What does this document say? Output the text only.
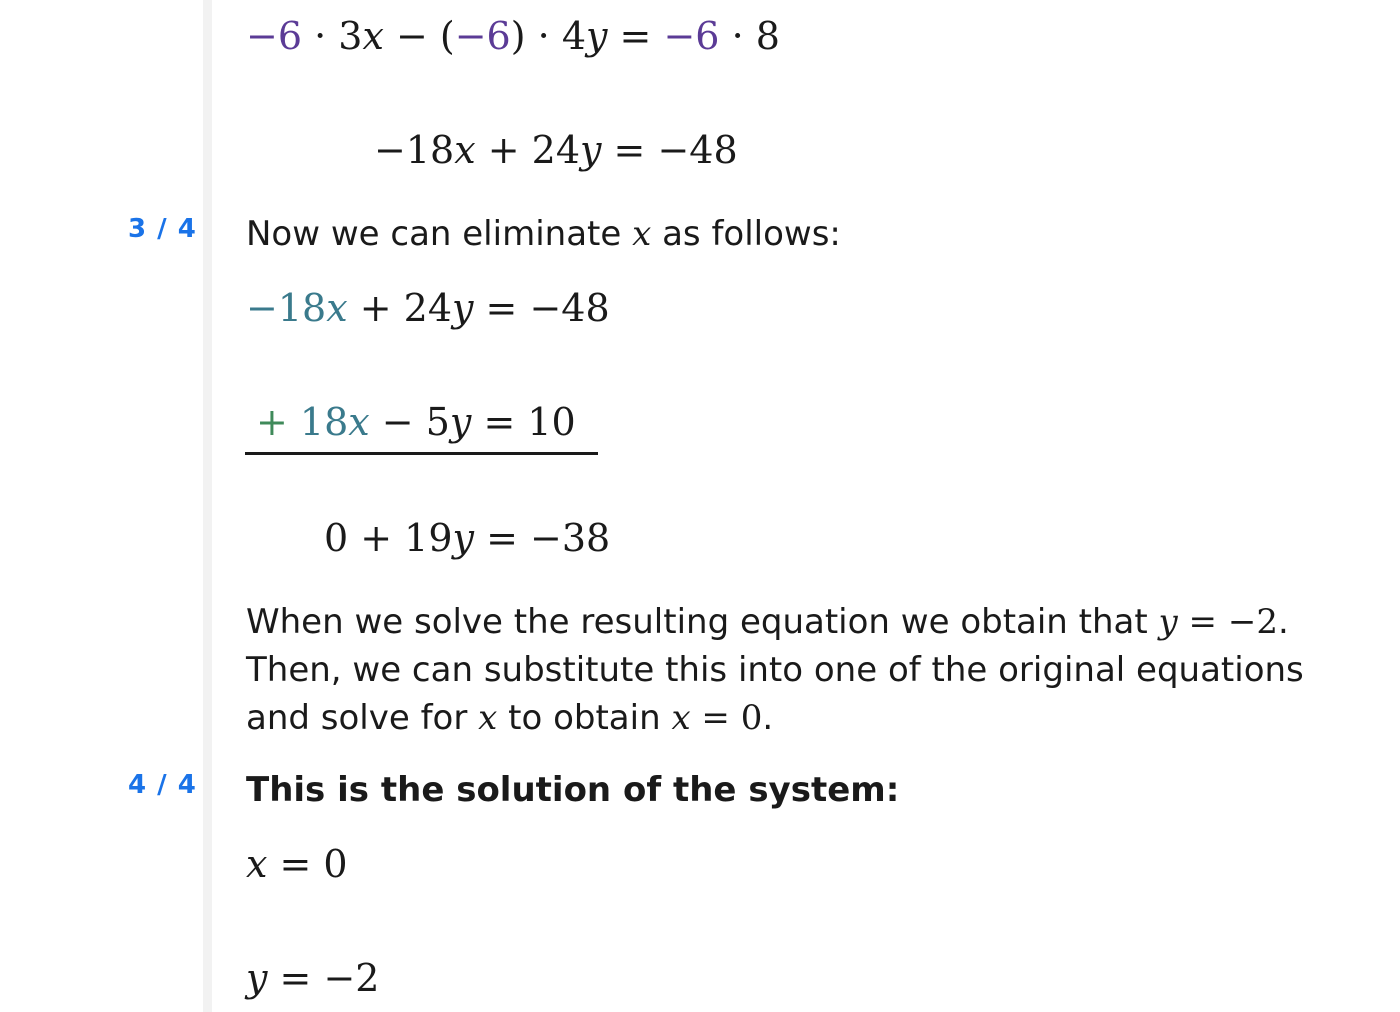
−6 · 3x − (−6) · 4y = −6 · 8
−18x + 24y = −48
3 / 4 Now we can eliminate x as follows:
−18x + 24y = −48
+ 18x − 5y = 10
0 + 19y = −38
When we solve the resulting equation we obtain that y = −2. Then, we can substitute this into one of the original equations and solve for x to obtain x = 0.
4 / 4 This is the solution of the system:
x = 0
y = −2
